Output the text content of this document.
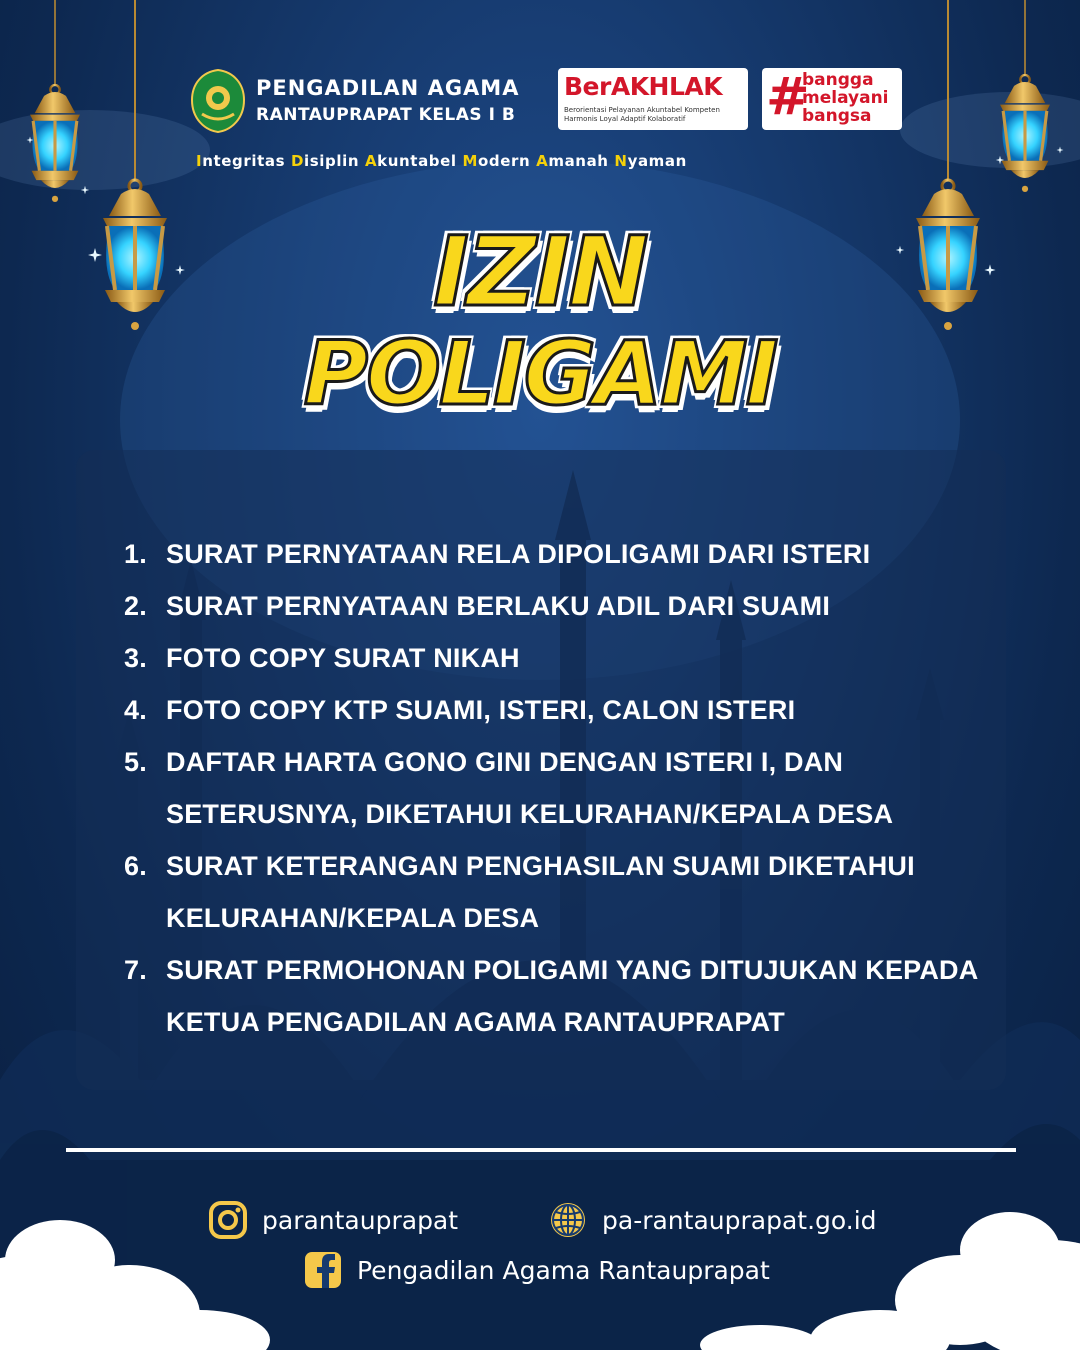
PENGADILAN AGAMA
RANTAUPRAPAT KELAS I B
BerAKHLAK
Berorientasi Pelayanan Akuntabel Kompeten
Harmonis Loyal Adaptif Kolaboratif	#
bangga
melayani
bangsa
Integritas Disiplin Akuntabel Modern Amanah Nyaman
IZIN
POLIGAMI
1. SURAT PERNYATAAN RELA DIPOLIGAMI DARI ISTERI
2. SURAT PERNYATAAN BERLAKU ADIL DARI SUAMI
3. FOTO COPY SURAT NIKAH
4. FOTO COPY KTP SUAMI, ISTERI, CALON ISTERI
5. DAFTAR HARTA GONO GINI DENGAN ISTERI I, DAN SETERUSNYA, DIKETAHUI KELURAHAN/KEPALA DESA
6. SURAT KETERANGAN PENGHASILAN SUAMI DIKETAHUI KELURAHAN/KEPALA DESA
7. SURAT PERMOHONAN POLIGAMI YANG DITUJUKAN KEPADA KETUA PENGADILAN AGAMA RANTAUPRAPAT
parantauprapat	pa-rantauprapat.go.id
Pengadilan Agama Rantauprapat
